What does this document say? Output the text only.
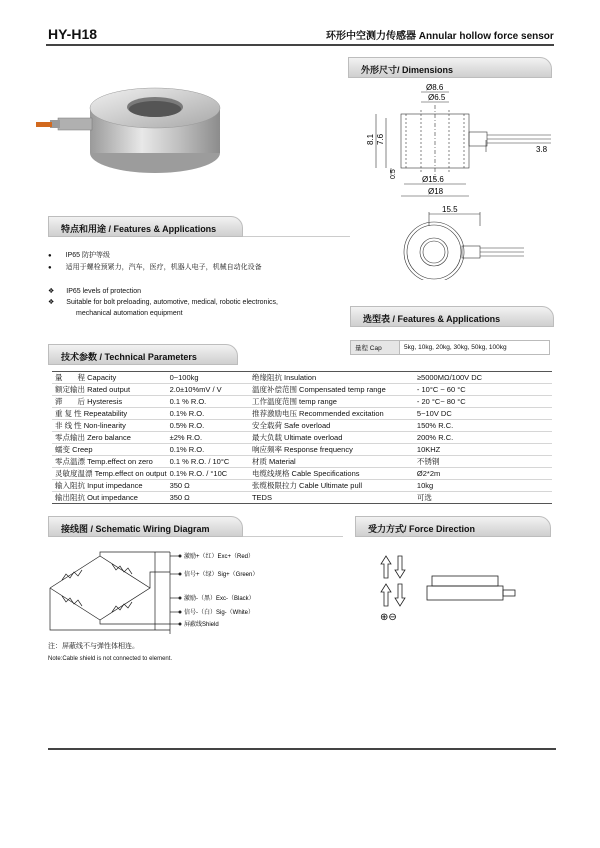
HY-H18	环形中空测力传感器 Annular hollow force sensor
外形尺寸/ Dimensions
Ø8.6
Ø6.5
Ø15.6
Ø18
8.1 7.6
0.5
3.8
15.5
特点和用途 / Features & Applications
● IP65 防护等级
● 适用于螺栓预紧力，汽车，医疗，机器人电子，机械自动化设备
❖ IP65 levels of protection
❖ Suitable for bolt preloading, automotive, medical, robotic electronics,
mechanical automation equipment
选型表 / Features & Applications
量程 Cap	5kg, 10kg, 20kg, 30kg, 50kg, 100kg
技术参数 / Technical Parameters
量　　程 Capacity	0~100kg	绝缘阻抗 Insulation	≥5000MΩ/100V DC
额定输出 Rated output	2.0±10%mV / V	温度补偿范围 Compensated temp range	- 10°C ~ 60 °C
滞　　后 Hysteresis	0.1 % R.O.	工作温度范围 temp range	- 20 °C~ 80 °C
重 复 性 Repeatability	0.1% R.O.	推荐激励电压 Recommended excitation	5~10V DC
非 线 性 Non-linearity	0.5% R.O.	安全载荷 Safe overload	150% R.C.
零点输出 Zero balance	±2% R.O.	最大负载 Ultimate overload	200% R.C.
蠕变 Creep	0.1% R.O.	响应频率 Response frequency	10KHZ
零点温漂 Temp.effect on zero	0.1 % R.O. / 10°C	材质 Material	不锈钢
灵敏度温漂 Temp.effect on output	0.1% R.O. / °10C	电缆线规格 Cable Specifications	Ø2*2m
输入阻抗 Input impedance	350 Ω	张缆极限拉力 Cable Ultimate pull	10kg
输出阻抗 Out impedance	350 Ω	TEDS	可选
接线图 / Schematic Wiring Diagram	受力方式/ Force Direction
激励+（红）Exc+（Red）
信号+（绿）Sig+（Green）
激励-（黑）Exc-（Black）
信号-（白）Sig-（White）
屏蔽线Shield
⊕⊖
注：屏蔽线不与弹性体相连。
Note:Cable shield is not connected to element.
